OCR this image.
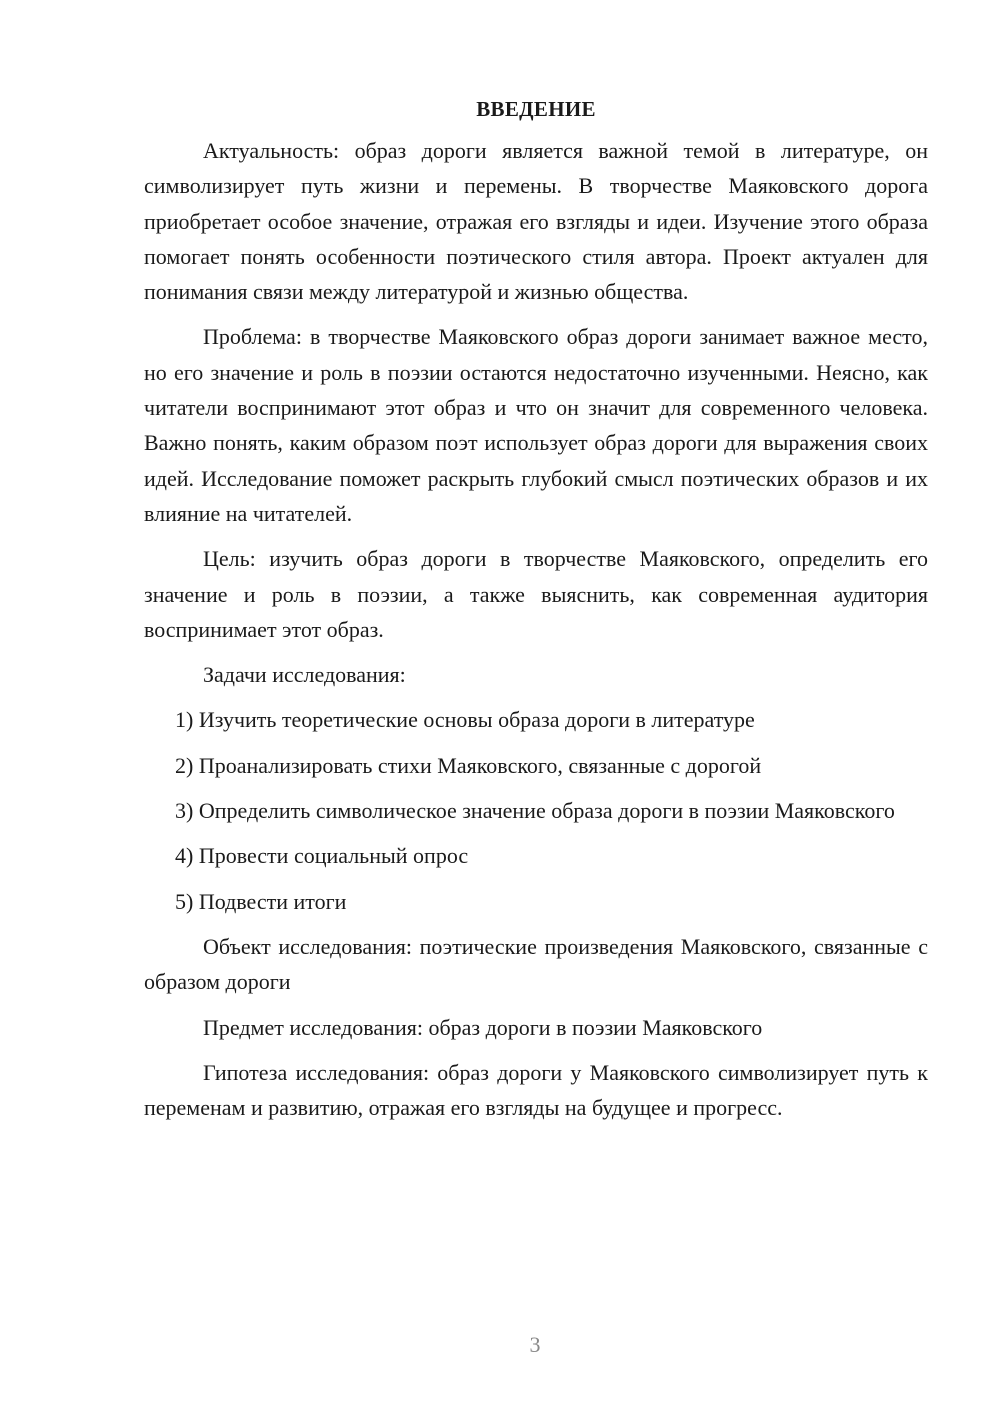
ВВЕДЕНИЕ

Актуальность: образ дороги является важной темой в литературе, он символизирует путь жизни и перемены. В творчестве Маяковского дорога приобретает особое значение, отражая его взгляды и идеи. Изучение этого образа помогает понять особенности поэтического стиля автора. Проект актуален для понимания связи между литературой и жизнью общества.

Проблема: в творчестве Маяковского образ дороги занимает важное место, но его значение и роль в поэзии остаются недостаточно изученными. Неясно, как читатели воспринимают этот образ и что он значит для современного человека. Важно понять, каким образом поэт использует образ дороги для выражения своих идей. Исследование поможет раскрыть глубокий смысл поэтических образов и их влияние на читателей.

Цель: изучить образ дороги в творчестве Маяковского, определить его значение и роль в поэзии, а также выяснить, как современная аудитория воспринимает этот образ.

Задачи исследования:

1) Изучить теоретические основы образа дороги в литературе

2) Проанализировать стихи Маяковского, связанные с дорогой

3) Определить символическое значение образа дороги в поэзии Маяковского

4) Провести социальный опрос

5) Подвести итоги

Объект исследования: поэтические произведения Маяковского, связанные с образом дороги

Предмет исследования: образ дороги в поэзии Маяковского

Гипотеза исследования: образ дороги у Маяковского символизирует путь к переменам и развитию, отражая его взгляды на будущее и прогресс.

3
